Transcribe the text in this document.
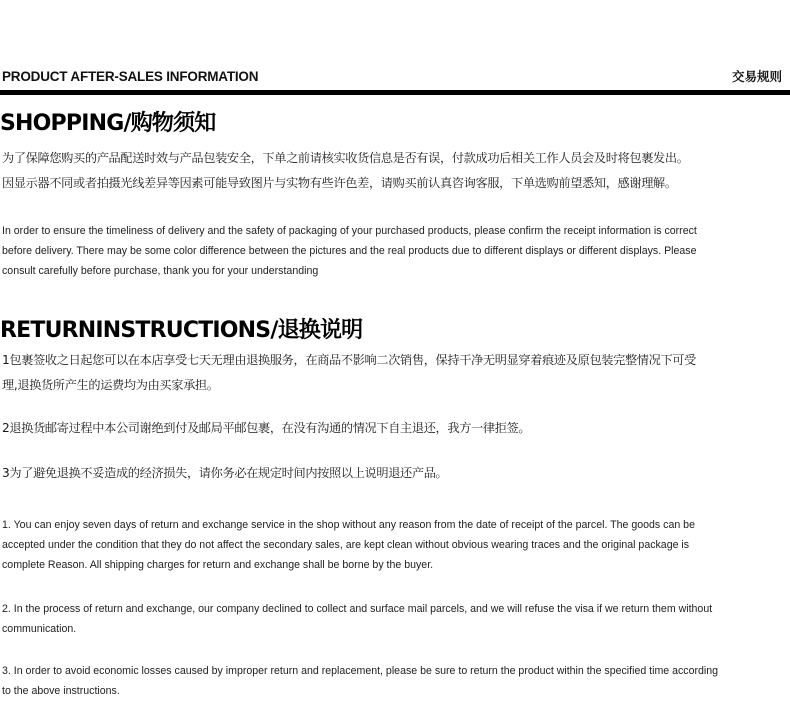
PRODUCT AFTER-SALES INFORMATION	交易规则
SHOPPING/购物须知

为了保障您购买的产品配送时效与产品包装安全，下单之前请核实收货信息是否有误，付款成功后相关工作人员会及时将包裹发出。
因显示器不同或者拍摄光线差异等因素可能导致图片与实物有些许色差，请购买前认真咨询客服，下单选购前望悉知，感谢理解。

In order to ensure the timeliness of delivery and the safety of packaging of your purchased products, please confirm the receipt information is correct
before delivery. There may be some color difference between the pictures and the real products due to different displays or different displays. Please
consult carefully before purchase, thank you for your understanding

RETURNINSTRUCTIONS/退换说明

1包裹签收之日起您可以在本店享受七天无理由退换服务，在商品不影响二次销售，保持干净无明显穿着痕迹及原包装完整情况下可受
理,退换货所产生的运费均为由买家承担。

2退换货邮寄过程中本公司谢绝到付及邮局平邮包裹，在没有沟通的情况下自主退还，我方一律拒签。

3为了避免退换不妥造成的经济损失，请你务必在规定时间内按照以上说明退还产品。

1. You can enjoy seven days of return and exchange service in the shop without any reason from the date of receipt of the parcel. The goods can be
accepted under the condition that they do not affect the secondary sales, are kept clean without obvious wearing traces and the original package is
complete Reason. All shipping charges for return and exchange shall be borne by the buyer.

2. In the process of return and exchange, our company declined to collect and surface mail parcels, and we will refuse the visa if we return them without
communication.

3. In order to avoid economic losses caused by improper return and replacement, please be sure to return the product within the specified time according
to the above instructions.
